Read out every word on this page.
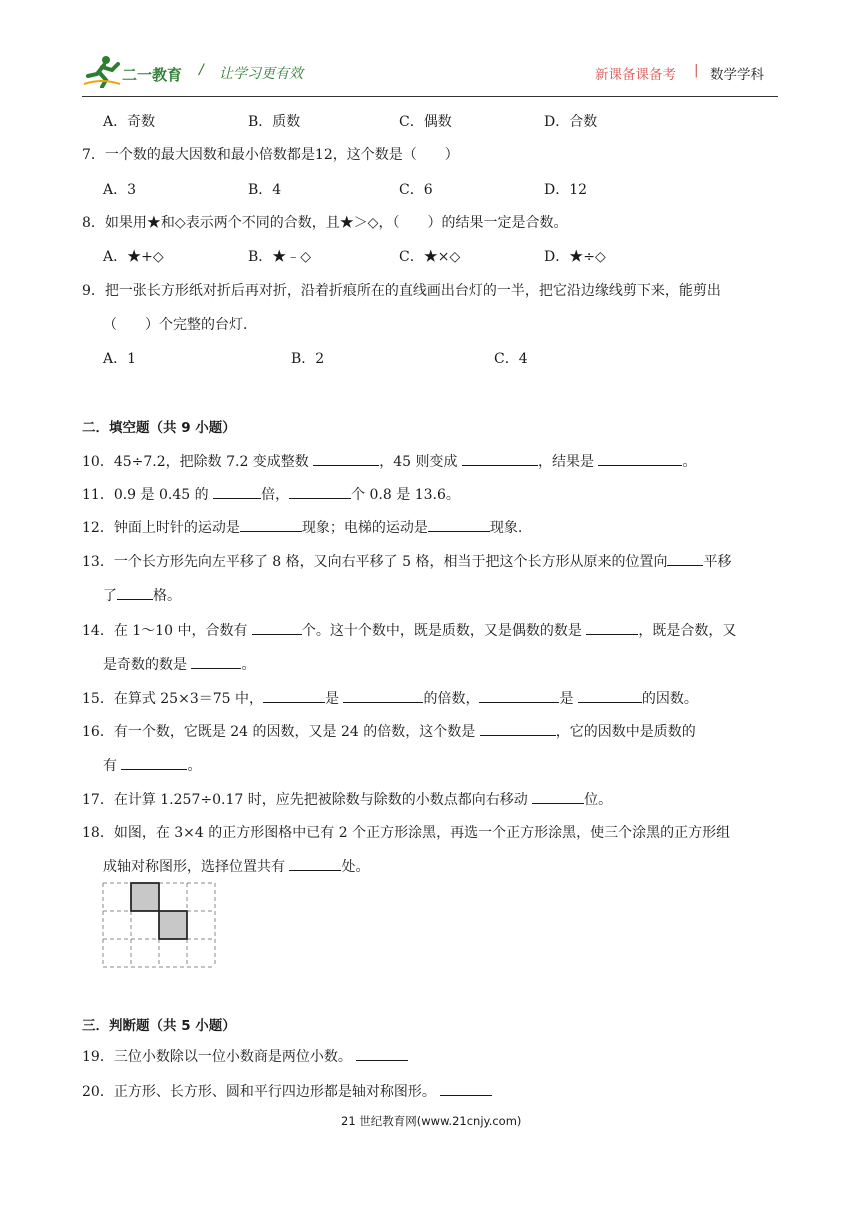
二一教育 / 让学习更有效	新课备课备考 | 数学学科
A．奇数	B．质数	C．偶数	D．合数
7．一个数的最大因数和最小倍数都是12，这个数是（　　）
A．3	B．4	C．6	D．12
8．如果用★和◇表示两个不同的合数，且★＞◇，（　　）的结果一定是合数。
A．★+◇	B．★﹣◇	C．★×◇	D．★÷◇
9．把一张长方形纸对折后再对折，沿着折痕所在的直线画出台灯的一半，把它沿边缘线剪下来，能剪出
（　　）个完整的台灯．
A．1	B．2	C．4
二．填空题（共 9 小题）
10．45÷7.2，把除数 7.2 变成整数	，45 则变成	，结果是	。
11．0.9 是 0.45 的	倍，	个 0.8 是 13.6。
12．钟面上时针的运动是	现象；电梯的运动是	现象.
13．一个长方形先向左平移了 8 格，又向右平移了 5 格，相当于把这个长方形从原来的位置向	平移
了	格。
14．在 1～10 中，合数有	个。这十个数中，既是质数，又是偶数的数是	，既是合数，又
是奇数的数是	。
15．在算式 25×3＝75 中，	是	的倍数，	是	的因数。
16．有一个数，它既是 24 的因数，又是 24 的倍数，这个数是	，它的因数中是质数的
有	。
17．在计算 1.257÷0.17 时，应先把被除数与除数的小数点都向右移动	位。
18．如图，在 3×4 的正方形图格中已有 2 个正方形涂黑，再选一个正方形涂黑，使三个涂黑的正方形组
成轴对称图形，选择位置共有	处。
三．判断题（共 5 小题）
19．三位小数除以一位小数商是两位小数。
20．正方形、长方形、圆和平行四边形都是轴对称图形。
21 世纪教育网(www.21cnjy.com)
